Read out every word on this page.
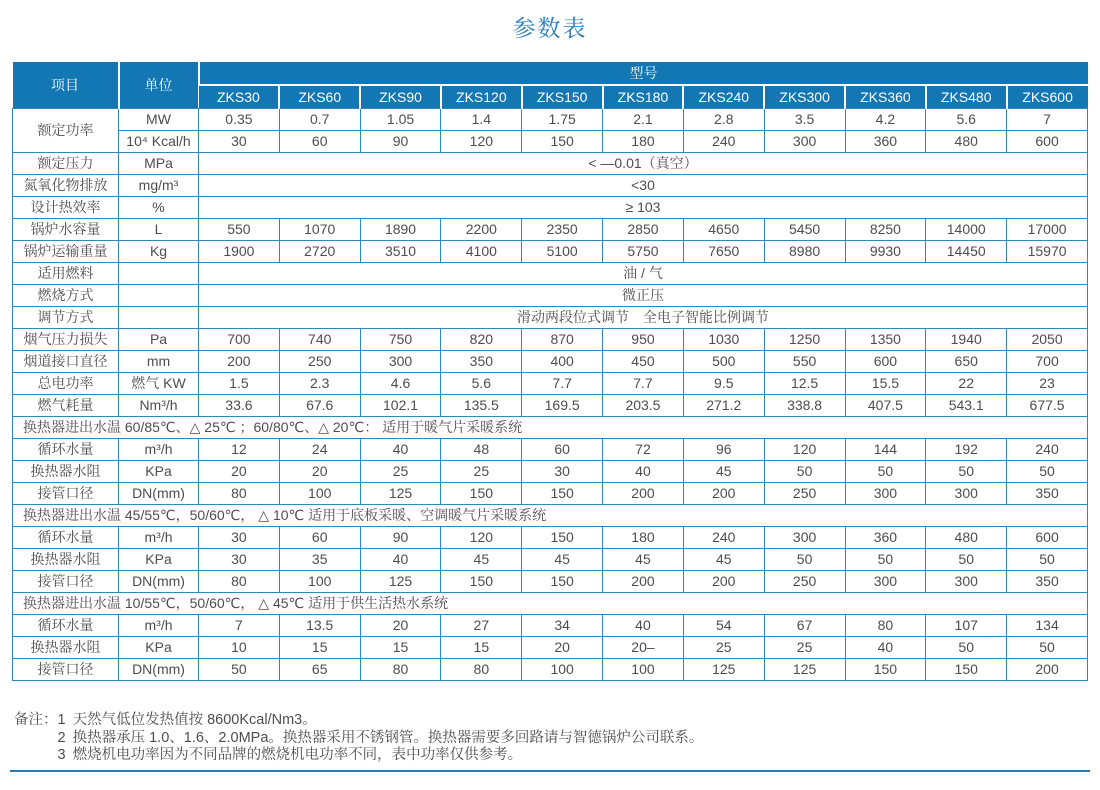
参数表
项目	单位	型号										
		ZKS30	ZKS60	ZKS90	ZKS120	ZKS150	ZKS180	ZKS240	ZKS300	ZKS360	ZKS480	ZKS600
额定功率	MW	0.35	0.7	1.05	1.4	1.75	2.1	2.8	3.5	4.2	5.6	7
	10⁴ Kcal/h	30	60	90	120	150	180	240	300	360	480	600
额定压力	MPa	< —0.01（真空）										
氮氧化物排放	mg/m³	<30										
设计热效率	%	≥ 103										
锅炉水容量	L	550	1070	1890	2200	2350	2850	4650	5450	8250	14000	17000
锅炉运输重量	Kg	1900	2720	3510	4100	5100	5750	7650	8980	9930	14450	15970
适用燃料		油 / 气										
燃烧方式		微正压										
调节方式		滑动两段位式调节　全电子智能比例调节										
烟气压力损失	Pa	700	740	750	820	870	950	1030	1250	1350	1940	2050
烟道接口直径	mm	200	250	300	350	400	450	500	550	600	650	700
总电功率	燃气 KW	1.5	2.3	4.6	5.6	7.7	7.7	9.5	12.5	15.5	22	23
燃气耗量	Nm³/h	33.6	67.6	102.1	135.5	169.5	203.5	271.2	338.8	407.5	543.1	677.5
换热器进出水温 60/85℃、△ 25℃ ；60/80℃、△ 20℃： 适用于暖气片采暖系统												
循环水量	m³/h	12	24	40	48	60	72	96	120	144	192	240
换热器水阻	KPa	20	20	25	25	30	40	45	50	50	50	50
接管口径	DN(mm)	80	100	125	150	150	200	200	250	300	300	350
换热器进出水温 45/55℃，50/60℃， △ 10℃ 适用于底板采暖、空调暖气片采暖系统												
循环水量	m³/h	30	60	90	120	150	180	240	300	360	480	600
换热器水阻	KPa	30	35	40	45	45	45	45	50	50	50	50
接管口径	DN(mm)	80	100	125	150	150	200	200	250	300	300	350
换热器进出水温 10/55℃，50/60℃， △ 45℃ 适用于供生活热水系统												
循环水量	m³/h	7	13.5	20	27	34	40	54	67	80	107	134
换热器水阻	KPa	10	15	15	15	20	20–	25	25	40	50	50
接管口径	DN(mm)	50	65	80	80	100	100	125	125	150	150	200
备注： 1 天然气低位发热值按 8600Kcal/Nm3。
2 换热器承压 1.0、1.6、2.0MPa。换热器采用不锈钢管。换热器需要多回路请与智德锅炉公司联系。
3 燃烧机电功率因为不同品牌的燃烧机电功率不同，表中功率仅供参考。
